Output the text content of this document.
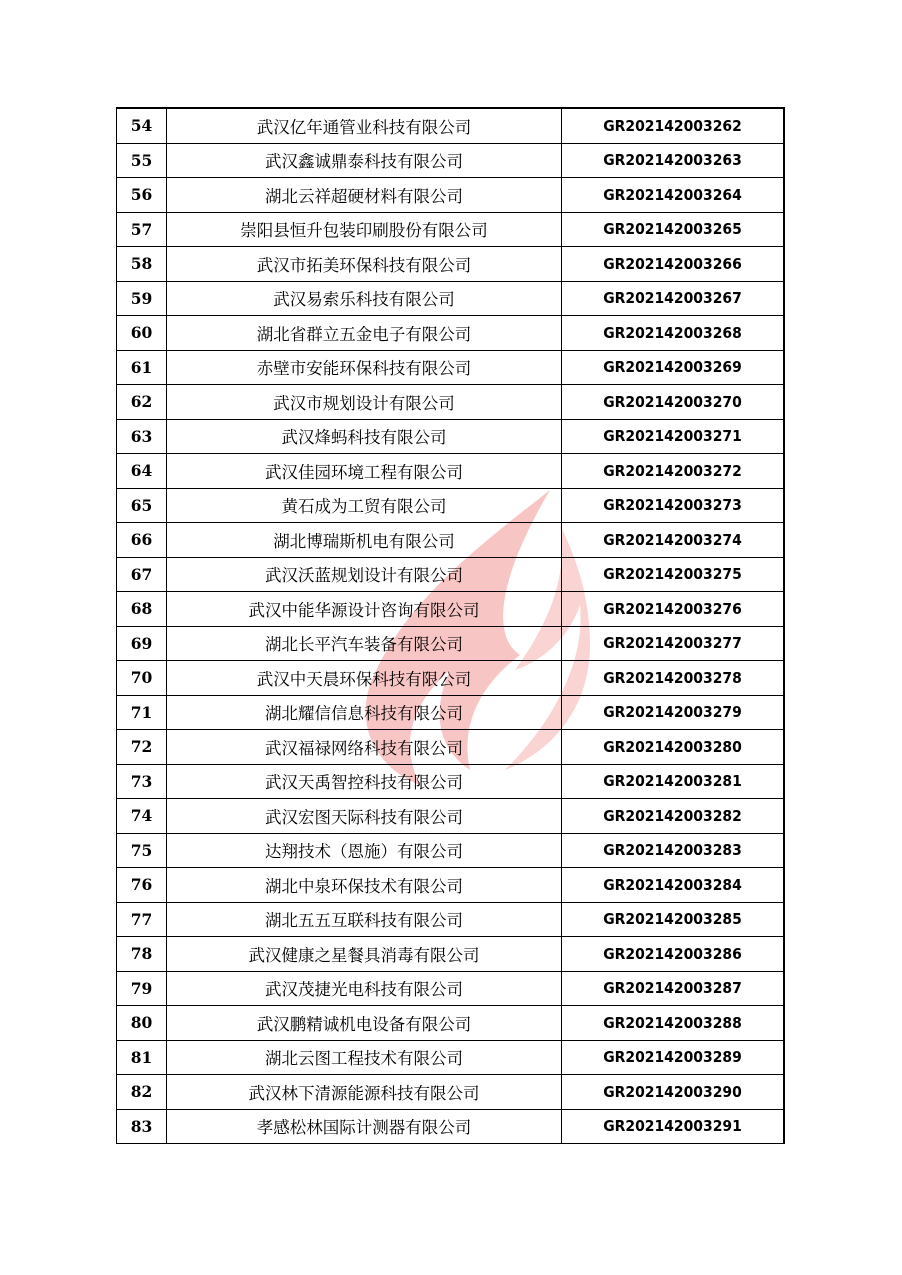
54	武汉亿年通管业科技有限公司	GR202142003262
55	武汉鑫诚鼎泰科技有限公司	GR202142003263
56	湖北云祥超硬材料有限公司	GR202142003264
57	崇阳县恒升包装印刷股份有限公司	GR202142003265
58	武汉市拓美环保科技有限公司	GR202142003266
59	武汉易索乐科技有限公司	GR202142003267
60	湖北省群立五金电子有限公司	GR202142003268
61	赤壁市安能环保科技有限公司	GR202142003269
62	武汉市规划设计有限公司	GR202142003270
63	武汉烽蚂科技有限公司	GR202142003271
64	武汉佳园环境工程有限公司	GR202142003272
65	黄石成为工贸有限公司	GR202142003273
66	湖北博瑞斯机电有限公司	GR202142003274
67	武汉沃蓝规划设计有限公司	GR202142003275
68	武汉中能华源设计咨询有限公司	GR202142003276
69	湖北长平汽车装备有限公司	GR202142003277
70	武汉中天晨环保科技有限公司	GR202142003278
71	湖北耀信信息科技有限公司	GR202142003279
72	武汉福禄网络科技有限公司	GR202142003280
73	武汉天禹智控科技有限公司	GR202142003281
74	武汉宏图天际科技有限公司	GR202142003282
75	达翔技术（恩施）有限公司	GR202142003283
76	湖北中泉环保技术有限公司	GR202142003284
77	湖北五五互联科技有限公司	GR202142003285
78	武汉健康之星餐具消毒有限公司	GR202142003286
79	武汉茂捷光电科技有限公司	GR202142003287
80	武汉鹏精诚机电设备有限公司	GR202142003288
81	湖北云图工程技术有限公司	GR202142003289
82	武汉林下清源能源科技有限公司	GR202142003290
83	孝感松林国际计测器有限公司	GR202142003291
